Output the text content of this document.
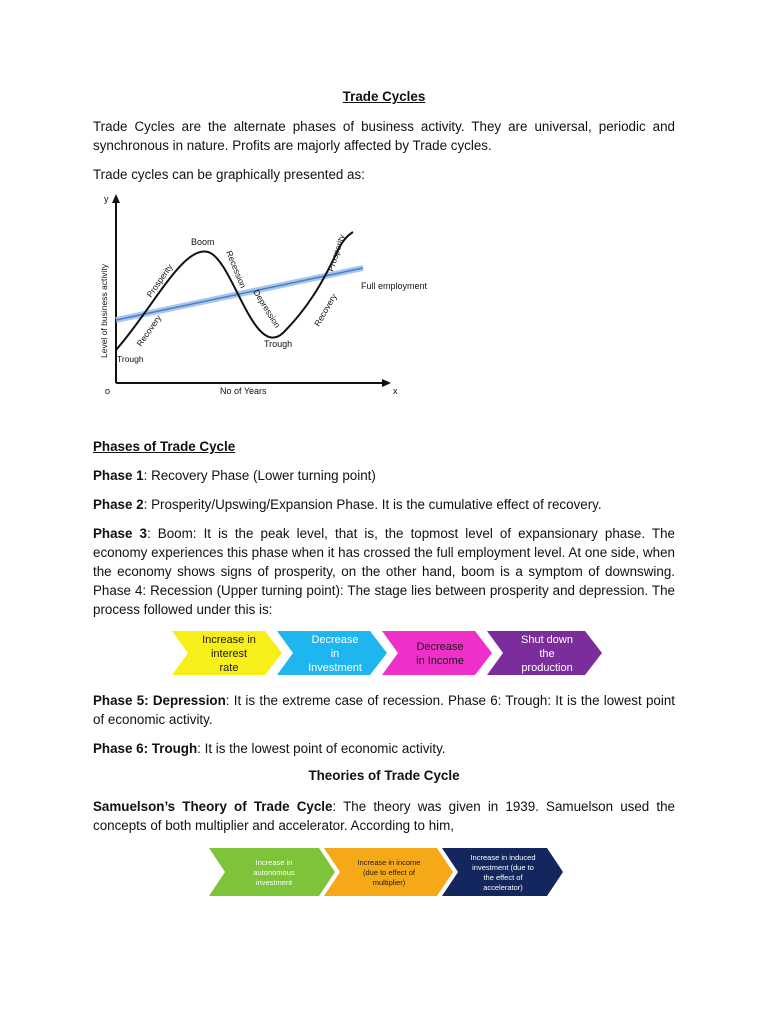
Trade Cycles
Trade Cycles are the alternate phases of business activity. They are universal, periodic and synchronous in nature. Profits are majorly affected by Trade cycles.
Trade cycles can be graphically presented as:
y
x
o	No of Years
Level of business activity
Boom
Prosperity	Recession
Depression
Trough
Trough
Recovery
Recovery
Prosperity
Full employment
Phases of Trade Cycle
Phase 1: Recovery Phase (Lower turning point)
Phase 2: Prosperity/Upswing/Expansion Phase. It is the cumulative effect of recovery.
Phase 3: Boom: It is the peak level, that is, the topmost level of expansionary phase. The economy experiences this phase when it has crossed the full employment level. At one side, when the economy shows signs of prosperity, on the other hand, boom is a symptom of downswing. Phase 4: Recession (Upper turning point): The stage lies between prosperity and depression. The process followed under this is:
Increase in
interest
rate
Decrease
in
Investment
Decrease
in Income
Shut down
the
production
Phase 5: Depression: It is the extreme case of recession. Phase 6: Trough: It is the lowest point of economic activity.
Phase 6: Trough: It is the lowest point of economic activity.
Theories of Trade Cycle
Samuelson’s Theory of Trade Cycle: The theory was given in 1939. Samuelson used the concepts of both multiplier and accelerator. According to him,
Increase in
autonomous
investment
Increase in income
(due to effect of
multiplier)
Increase in induced
investment (due to
the effect of
accelerator)
